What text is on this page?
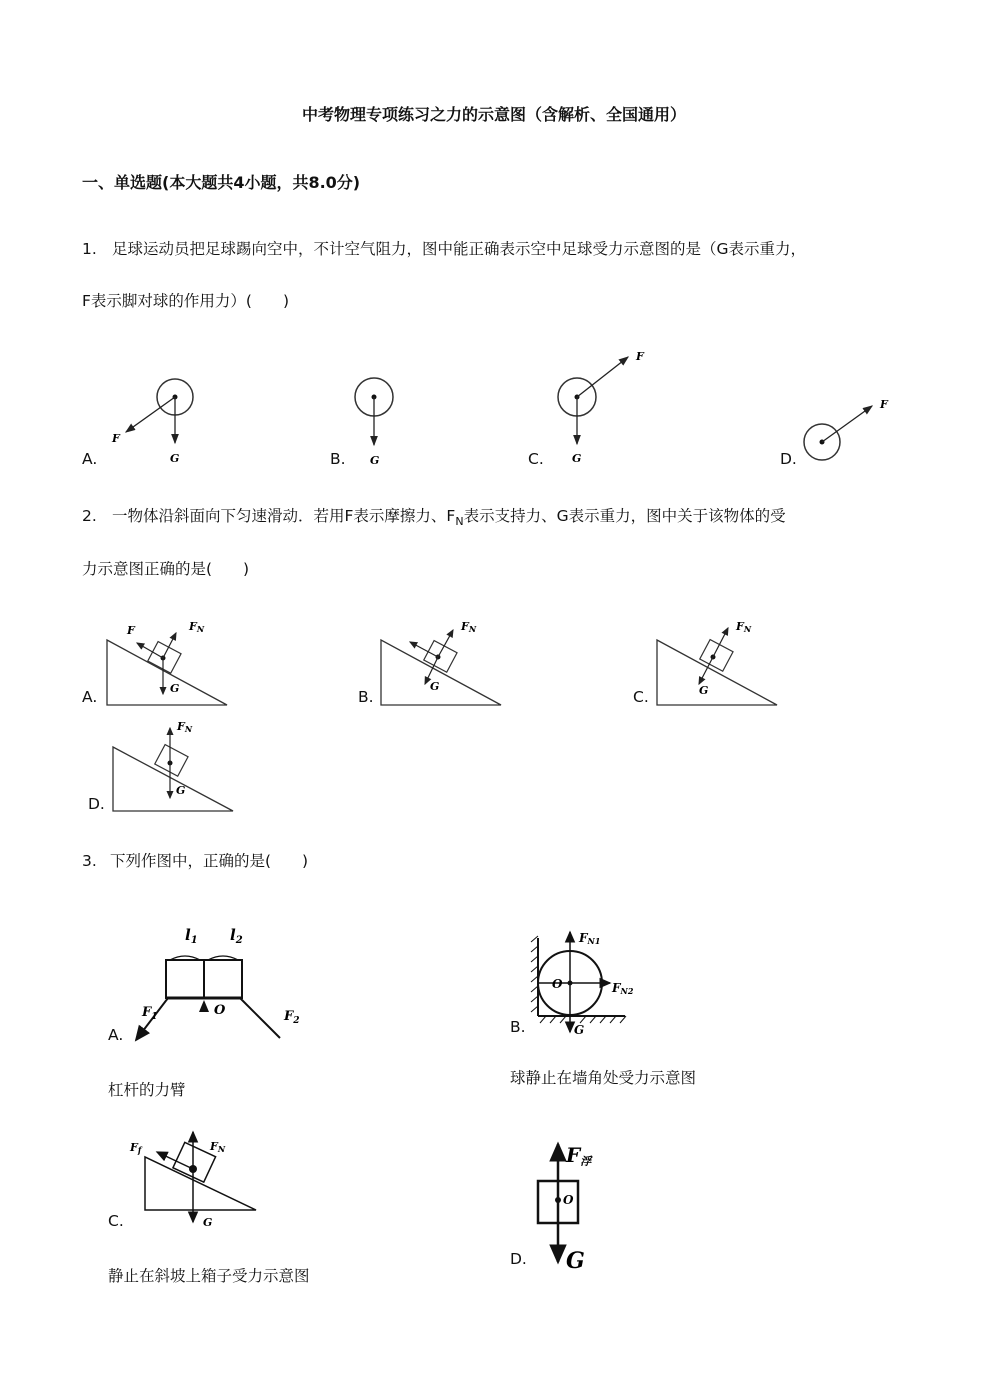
中考物理专项练习之力的示意图（含解析、全国通用）
一、单选题(本大题共4小题，共8.0分)
1. 足球运动员把足球踢向空中，不计空气阻力，图中能正确表示空中足球受力示意图的是（G表示重力，
F表示脚对球的作用力）(　　)
A.	B.	C.	D.
F
G	G
F
G
F
2. 一物体沿斜面向下匀速滑动．若用F表示摩擦力、$F_N$表示支持力、G表示重力，图中关于该物体的受
力示意图正确的是(　　)
A.	B.	C.
D.
F	FN
G
FN
G
FN
G
FN
G
3. 下列作图中，正确的是(　　)
A.	B.
C.
D.
杠杆的力臂
球静止在墙角处受力示意图
静止在斜坡上箱子受力示意图
$l_1$ $l_2$
O
$F_1$	$F_2$
FN1
FN2
O
G
Ff	FN
G
O
F浮
G
